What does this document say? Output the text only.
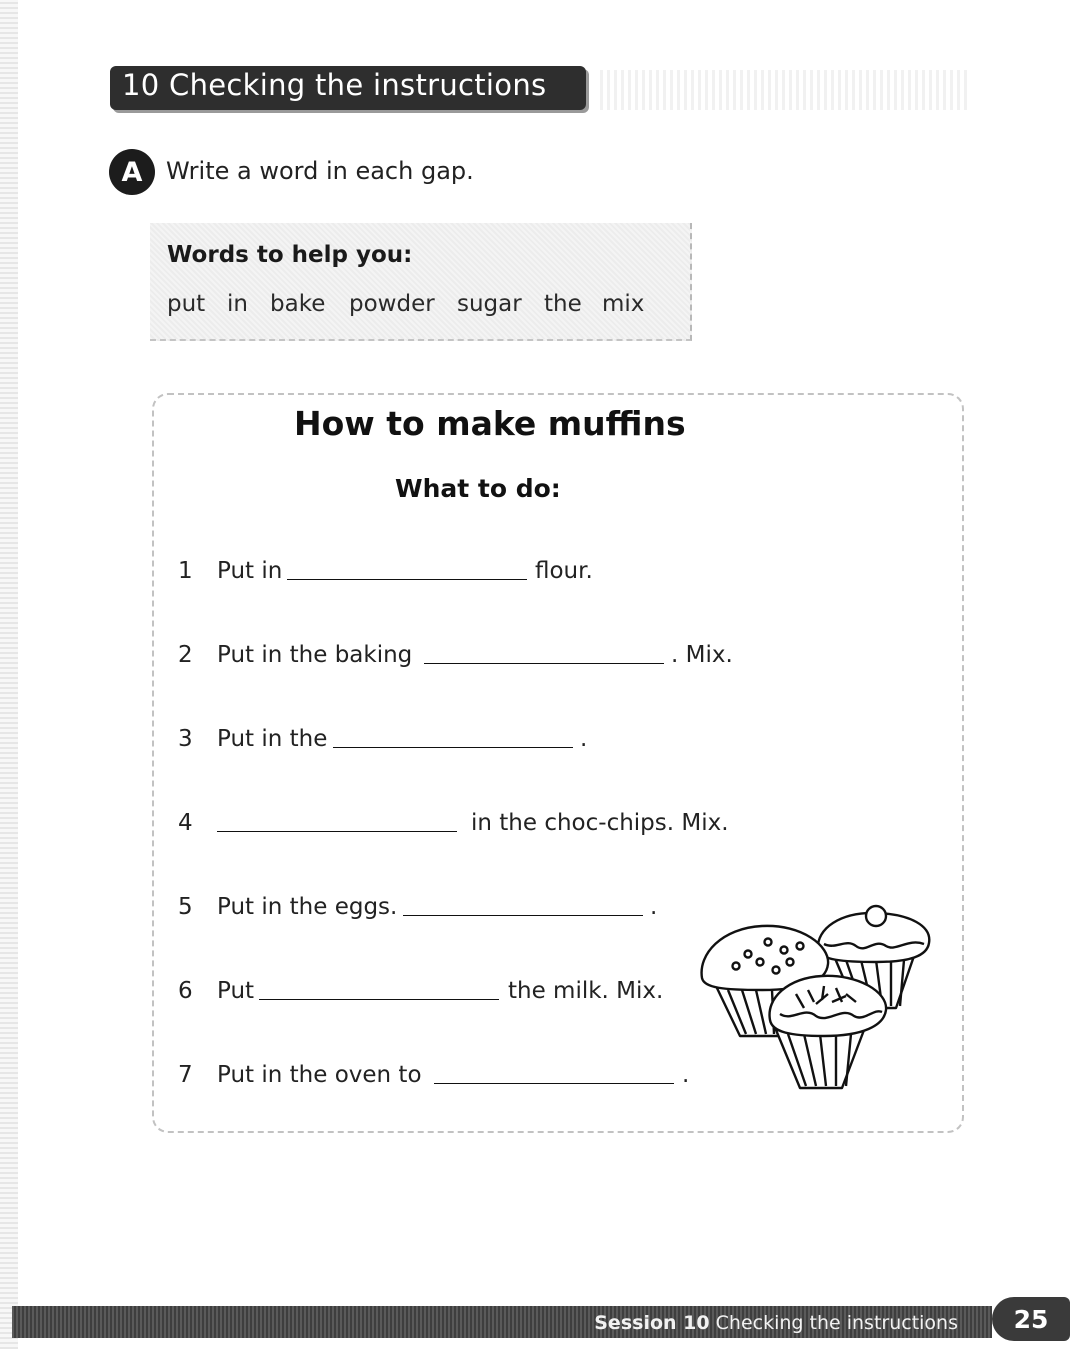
10 Checking the instructions
A Write a word in each gap.
Words to help you:
put in bake powder sugar the mix
How to make muffins
What to do:
1 Put in	flour.
2 Put in the baking	. Mix.
3 Put in the	.
4	in the choc-chips. Mix.
5 Put in the eggs.	.
6 Put	the milk. Mix.
7 Put in the oven to	.
Session 10 Checking the instructions	25
